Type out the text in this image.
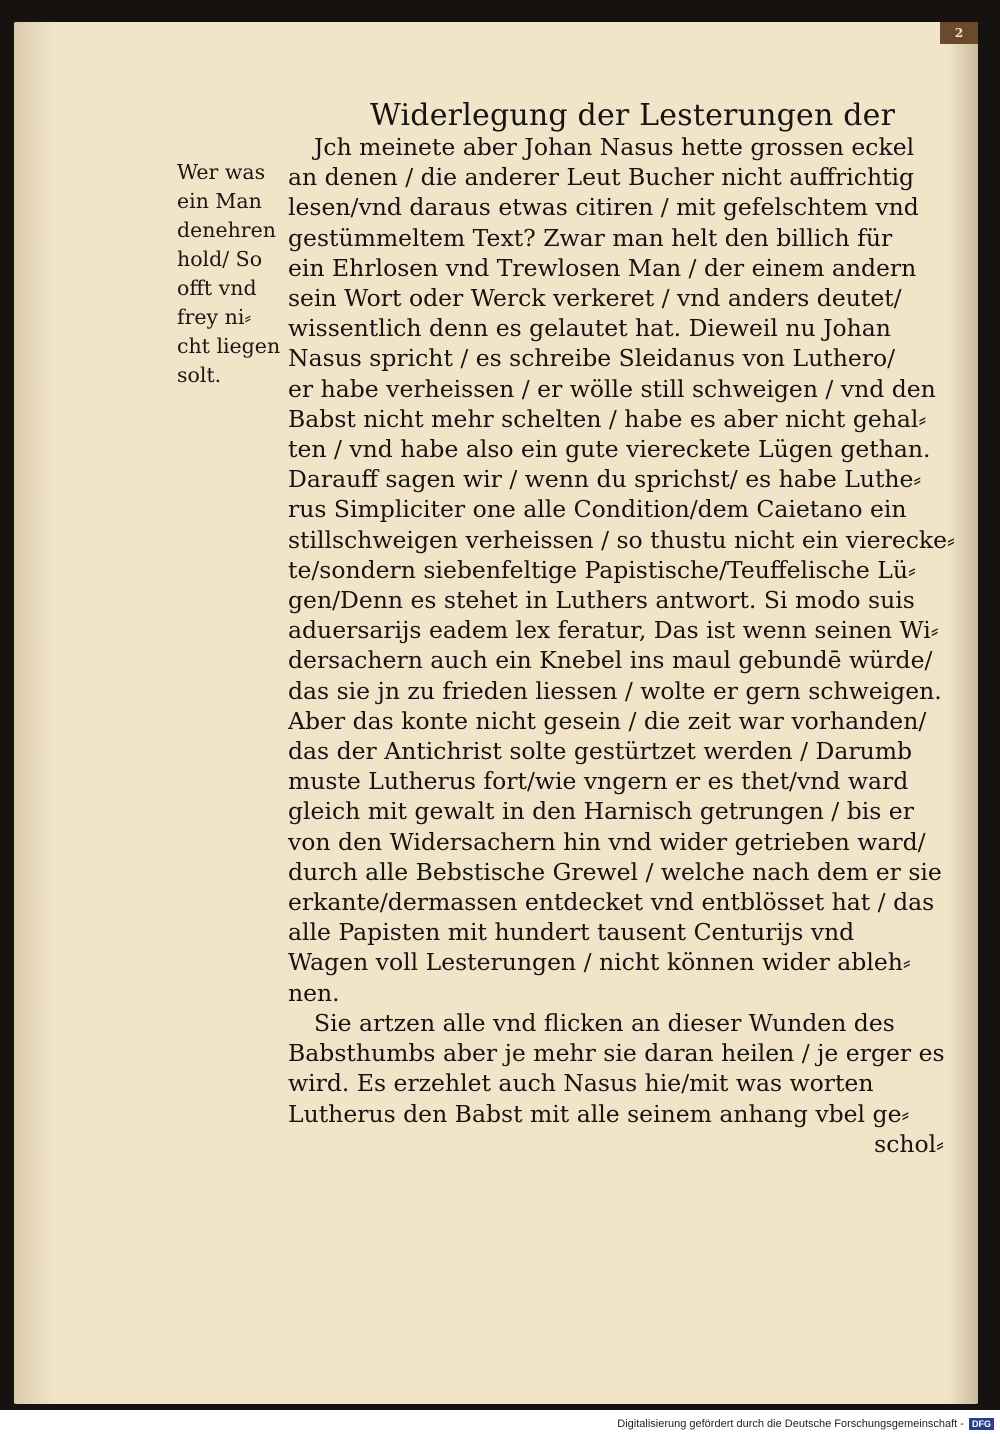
2
Widerlegung der Lesterungen der
Wer was
ein Man
denehren
hold/ So
offt vnd
frey ni⸗
cht liegen
solt.
Jch meinete aber Johan Nasus hette grossen eckel
an denen / die anderer Leut Bucher nicht auffrichtig
lesen/vnd daraus etwas citiren / mit gefelschtem vnd
gestümmeltem Text? Zwar man helt den billich für
ein Ehrlosen vnd Trewlosen Man / der einem andern
sein Wort oder Werck verkeret / vnd anders deutet/
wissentlich denn es gelautet hat. Dieweil nu Johan
Nasus spricht / es schreibe Sleidanus von Luthero/
er habe verheissen / er wölle still schweigen / vnd den
Babst nicht mehr schelten / habe es aber nicht gehal⸗
ten / vnd habe also ein gute viereckete Lügen gethan.
Darauff sagen wir / wenn du sprichst/ es habe Luthe⸗
rus Simpliciter one alle Condition/dem Caietano ein
stillschweigen verheissen / so thustu nicht ein vierecke⸗
te/sondern siebenfeltige Papistische/Teuffelische Lü⸗
gen/Denn es stehet in Luthers antwort. Si modo suis
aduersarijs eadem lex feratur, Das ist wenn seinen Wi⸗
dersachern auch ein Knebel ins maul gebundē würde/
das sie jn zu frieden liessen / wolte er gern schweigen.
Aber das konte nicht gesein / die zeit war vorhanden/
das der Antichrist solte gestürtzet werden / Darumb
muste Lutherus fort/wie vngern er es thet/vnd ward
gleich mit gewalt in den Harnisch getrungen / bis er
von den Widersachern hin vnd wider getrieben ward/
durch alle Bebstische Grewel / welche nach dem er sie
erkante/dermassen entdecket vnd entblösset hat / das
alle Papisten mit hundert tausent Centurijs vnd
Wagen voll Lesterungen / nicht können wider ableh⸗
nen.
Sie artzen alle vnd flicken an dieser Wunden des
Babsthumbs aber je mehr sie daran heilen / je erger es
wird. Es erzehlet auch Nasus hie/mit was worten
Lutherus den Babst mit alle seinem anhang vbel ge⸗
schol⸗
Digitalisierung gefördert durch die Deutsche Forschungsgemeinschaft - DFG
